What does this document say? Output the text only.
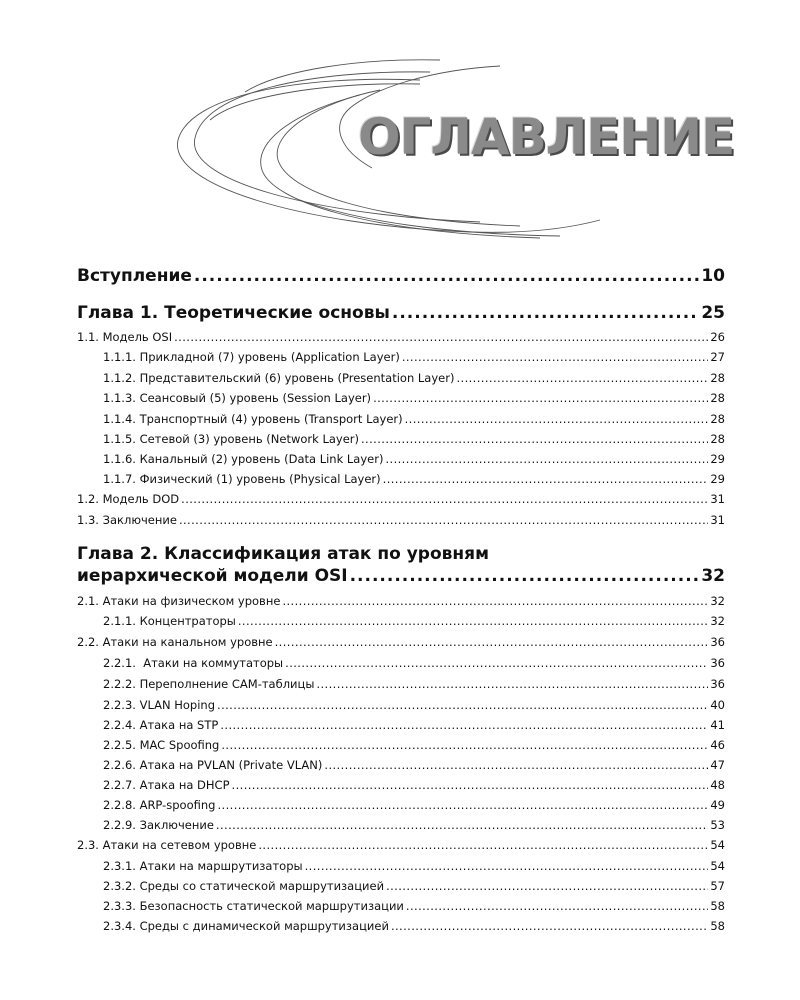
ОГЛАВЛЕНИЕ
Вступление .....	10
Глава 1. Теоретические основы .....	25
1.1. Модель OSI .....	26
1.1.1. Прикладной (7) уровень (Application Layer) .....	27
1.1.2. Представительский (6) уровень (Presentation Layer) .....	28
1.1.3. Сеансовый (5) уровень (Session Layer) .....	28
1.1.4. Транспортный (4) уровень (Transport Layer) .....	28
1.1.5. Сетевой (3) уровень (Network Layer) .....	28
1.1.6. Канальный (2) уровень (Data Link Layer) .....	29
1.1.7. Физический (1) уровень (Physical Layer) .....	29
1.2. Модель DOD .....	31
1.3. Заключение .....	31
Глава 2. Классификация атак по уровням
иерархической модели OSI .....	32
2.1. Атаки на физическом уровне .....	32
2.1.1. Концентраторы .....	32
2.2. Атаки на канальном уровне .....	36
2.2.1.  Атаки на коммутаторы .....	36
2.2.2. Переполнение CAM-таблицы .....	36
2.2.3. VLAN Hoping .....	40
2.2.4. Атака на STP .....	41
2.2.5. MAC Spoofing .....	46
2.2.6. Атака на PVLAN (Private VLAN) .....	47
2.2.7. Атака на DHCP .....	48
2.2.8. ARP-spoofing .....	49
2.2.9. Заключение .....	53
2.3. Атаки на сетевом уровне .....	54
2.3.1. Атаки на маршрутизаторы .....	54
2.3.2. Среды со статической маршрутизацией .....	57
2.3.3. Безопасность статической маршрутизации .....	58
2.3.4. Среды с динамической маршрутизацией .....	58
